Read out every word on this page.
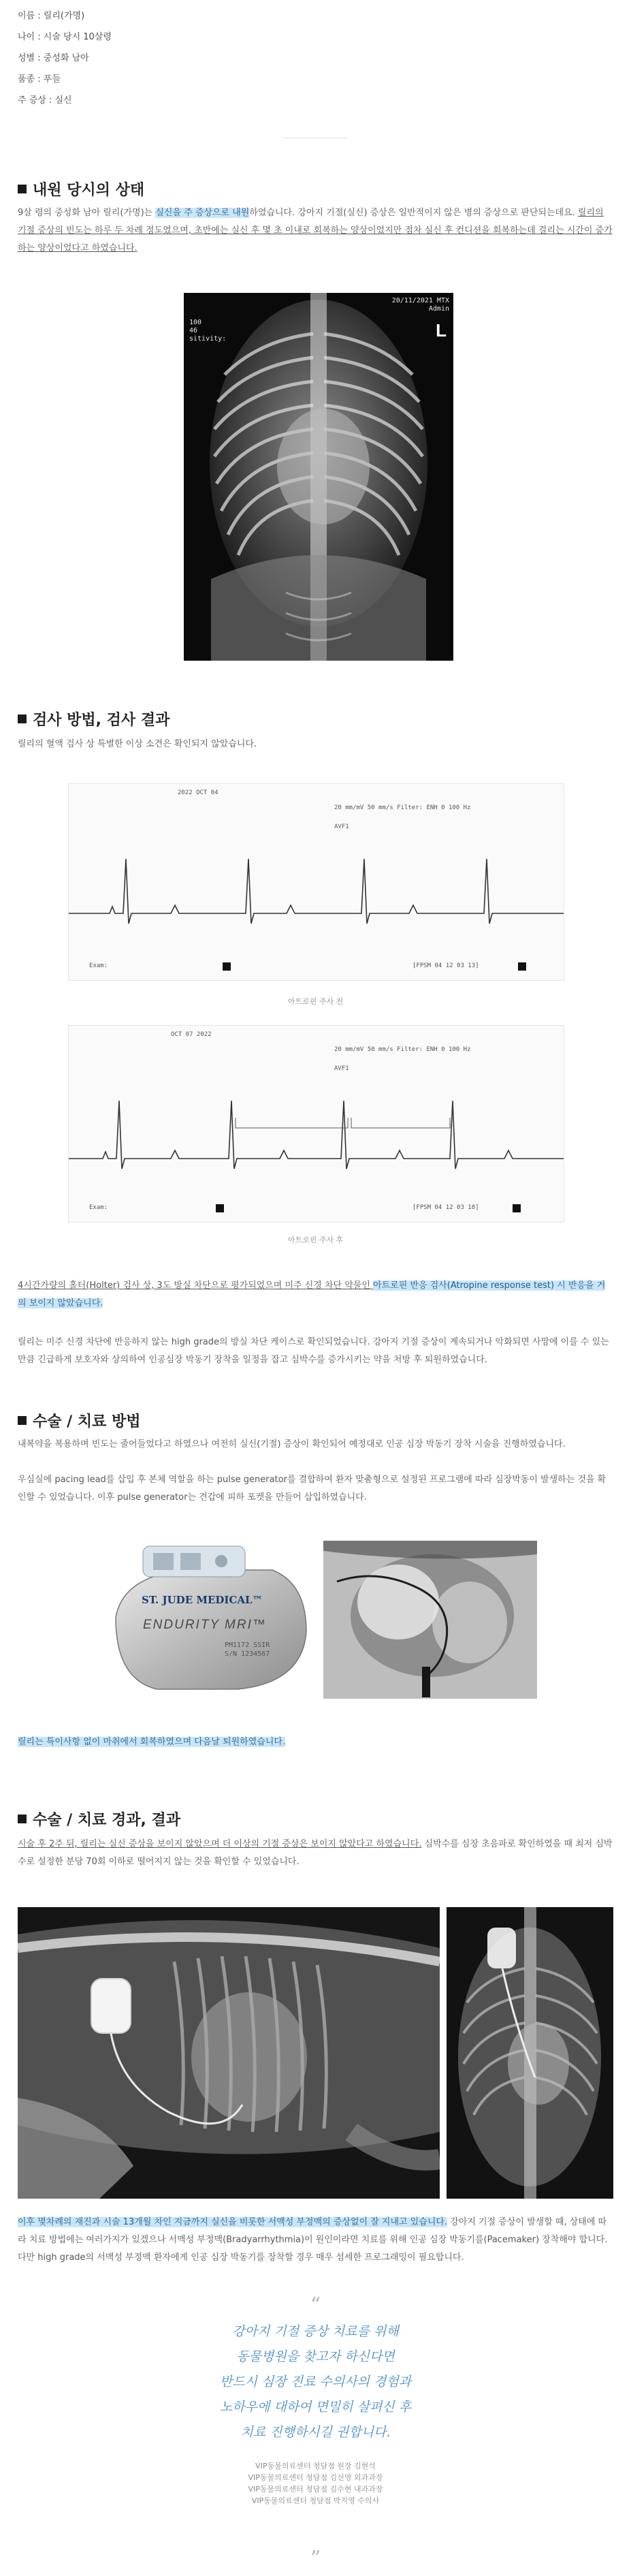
이름 : 릴리(가명)
나이 : 시술 당시 10살령
성별 : 중성화 남아
품종 : 푸들
주 증상 : 실신
내원 당시의 상태

9살 령의 중성화 남아 릴리(가명)는 실신을 주 증상으로 내원하였습니다. 강아지 기절(실신) 증상은 일반적이지 않은 병의 증상으로 판단되는데요. 릴리의 기절 증상의 빈도는 하루 두 차례 정도였으며, 초반에는 실신 후 몇 초 이내로 회복하는 양상이었지만 점차 실신 후 컨디션을 회복하는데 걸리는 시간이 증가하는 양상이었다고 하였습니다.

20/11/2021 MTX
Admin
100
46
sitivity:	L
검사 방법, 검사 결과

릴리의 혈액 검사 상 특별한 이상 소견은 확인되지 않았습니다.

2022 OCT 04
20 mm/mV 50 mm/s Filter: ENH 0 100 Hz
AVF1
Exam:	[FPSM 04 12 03 13]
아트로핀 주사 전
OCT 07 2022
20 mm/mV 50 mm/s Filter: ENH 0 100 Hz
AVF1
Exam:	[FPSM 04 12 03 18]
아트로핀 주사 후

4시간가량의 홀터(Holter) 검사 상, 3도 방실 차단으로 평가되었으며 미주 신경 차단 약물인 아트로핀 반응 검사(Atropine response test) 시 반응을 거의 보이지 않았습니다.

릴리는 미주 신경 차단에 반응하지 않는 high grade의 방실 차단 케이스로 확인되었습니다. 강아지 기절 증상이 계속되거나 악화되면 사망에 이를 수 있는 만큼 긴급하게 보호자와 상의하여 인공심장 박동기 장착을 일정을 잡고 심박수를 증가시키는 약을 처방 후 퇴원하였습니다.

수술 / 치료 방법

내복약을 복용하며 빈도는 줄어들었다고 하였으나 여전히 실신(기절) 증상이 확인되어 예정대로 인공 심장 박동기 장착 시술을 진행하였습니다.

우심실에 pacing lead를 삽입 후 본체 역할을 하는 pulse generator를 결합하여 환자 맞춤형으로 설정된 프로그램에 따라 심장박동이 발생하는 것을 확인할 수 있었습니다. 이후 pulse generator는 견갑에 피하 포켓을 만들어 삽입하였습니다.

ST. JUDE MEDICAL™
ENDURITY MRI™
PM1172 SSIR
S/N 1234567

릴리는 특이사항 없이 마취에서 회복하였으며 다음날 퇴원하였습니다.

수술 / 치료 경과, 결과

시술 후 2주 뒤, 릴리는 실신 증상을 보이지 않았으며 더 이상의 기절 증상은 보이지 않았다고 하였습니다. 심박수를 심장 초음파로 확인하였을 때 최저 심박수로 설정한 분당 70회 이하로 떨어지지 않는 것을 확인할 수 있었습니다.

이후 몇차례의 재진과 시술 13개월 차인 지금까지 실신을 비롯한 서맥성 부정맥의 증상없이 잘 지내고 있습니다. 강아지 기절 증상이 발생할 때, 상태에 따라 치료 방법에는 여러가지가 있겠으나 서맥성 부정맥(Bradyarrhythmia)이 원인이라면 치료를 위해 인공 심장 박동기를(Pacemaker) 장착해야 합니다. 다만 high grade의 서맥성 부정맥 환자에게 인공 심장 박동기를 장착할 경우 매우 섬세한 프로그래밍이 필요합니다.

“
강아지 기절 증상 치료를 위해
동물병원을 찾고자 하신다면
반드시 심장 진료 수의사의 경험과
노하우에 대하여 면밀히 살펴신 후
치료 진행하시길 권합니다.
VIP동물의료센터 청담점 원장 김현석
VIP동물의료센터 청담점 김선영 외과과장
VIP동물의료센터 청담점 김수현 내과과장
VIP동물의료센터 청담점 박지영 수의사
”
